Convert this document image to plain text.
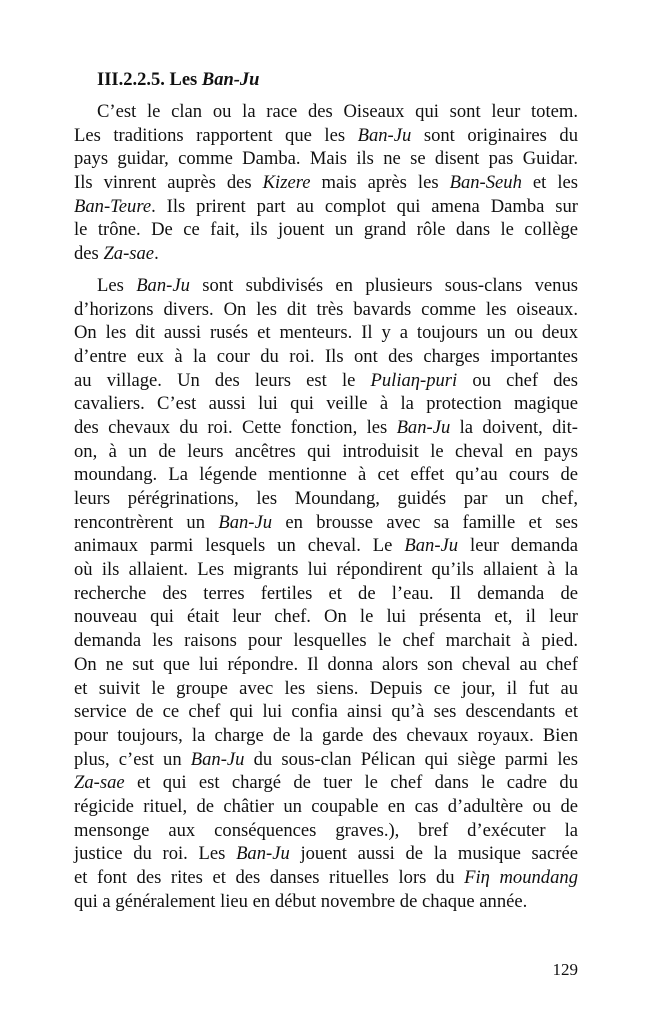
III.2.2.5. Les Ban-Ju
C’est le clan ou la race des Oiseaux qui sont leur totem.
Les traditions rapportent que les Ban-Ju sont originaires du
pays guidar, comme Damba. Mais ils ne se disent pas Guidar.
Ils vinrent auprès des Kizere mais après les Ban-Seuh et les
Ban-Teure. Ils prirent part au complot qui amena Damba sur
le trône. De ce fait, ils jouent un grand rôle dans le collège
des Za-sae.
Les Ban-Ju sont subdivisés en plusieurs sous-clans venus
d’horizons divers. On les dit très bavards comme les oiseaux.
On les dit aussi rusés et menteurs. Il y a toujours un ou deux
d’entre eux à la cour du roi. Ils ont des charges importantes
au village. Un des leurs est le Puliaη-puri ou chef des
cavaliers. C’est aussi lui qui veille à la protection magique
des chevaux du roi. Cette fonction, les Ban-Ju la doivent, dit-
on, à un de leurs ancêtres qui introduisit le cheval en pays
moundang. La légende mentionne à cet effet qu’au cours de
leurs pérégrinations, les Moundang, guidés par un chef,
rencontrèrent un Ban-Ju en brousse avec sa famille et ses
animaux parmi lesquels un cheval. Le Ban-Ju leur demanda
où ils allaient. Les migrants lui répondirent qu’ils allaient à la
recherche des terres fertiles et de l’eau. Il demanda de
nouveau qui était leur chef. On le lui présenta et, il leur
demanda les raisons pour lesquelles le chef marchait à pied.
On ne sut que lui répondre. Il donna alors son cheval au chef
et suivit le groupe avec les siens. Depuis ce jour, il fut au
service de ce chef qui lui confia ainsi qu’à ses descendants et
pour toujours, la charge de la garde des chevaux royaux. Bien
plus, c’est un Ban-Ju du sous-clan Pélican qui siège parmi les
Za-sae et qui est chargé de tuer le chef dans le cadre du
régicide rituel, de châtier un coupable en cas d’adultère ou de
mensonge aux conséquences graves.), bref d’exécuter la
justice du roi. Les Ban-Ju jouent aussi de la musique sacrée
et font des rites et des danses rituelles lors du Fiη moundang
qui a généralement lieu en début novembre de chaque année.
129
